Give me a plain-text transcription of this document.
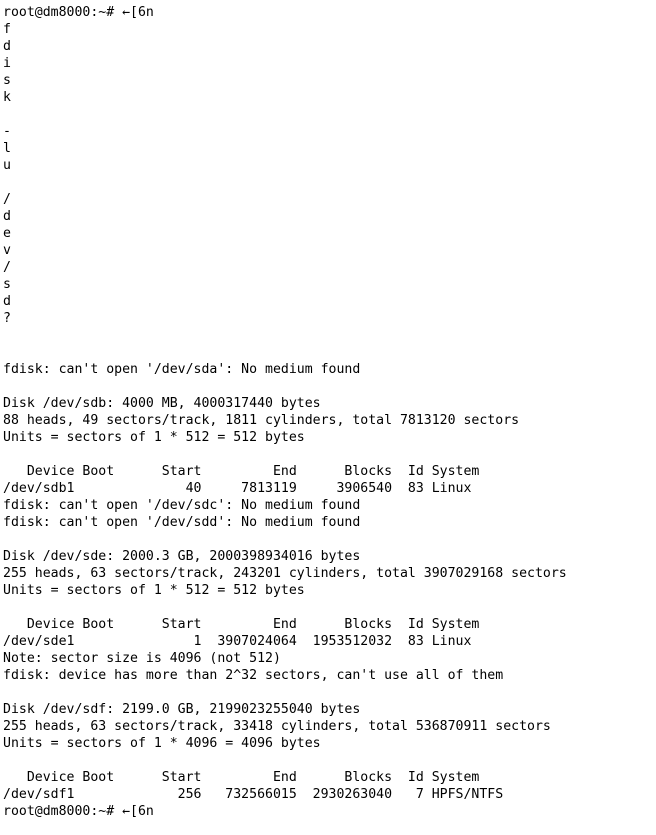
root@dm8000:~# ←[6n
f
d
i
s
k
-
l
u
/
d
e
v
/
s
d
?
fdisk: can't open '/dev/sda': No medium found
Disk /dev/sdb: 4000 MB, 4000317440 bytes
88 heads, 49 sectors/track, 1811 cylinders, total 7813120 sectors
Units = sectors of 1 * 512 = 512 bytes
Device Boot      Start         End      Blocks  Id System
/dev/sdb1              40     7813119     3906540  83 Linux
fdisk: can't open '/dev/sdc': No medium found
fdisk: can't open '/dev/sdd': No medium found
Disk /dev/sde: 2000.3 GB, 2000398934016 bytes
255 heads, 63 sectors/track, 243201 cylinders, total 3907029168 sectors
Units = sectors of 1 * 512 = 512 bytes
Device Boot      Start         End      Blocks  Id System
/dev/sde1               1  3907024064  1953512032  83 Linux
Note: sector size is 4096 (not 512)
fdisk: device has more than 2^32 sectors, can't use all of them
Disk /dev/sdf: 2199.0 GB, 2199023255040 bytes
255 heads, 63 sectors/track, 33418 cylinders, total 536870911 sectors
Units = sectors of 1 * 4096 = 4096 bytes
Device Boot      Start         End      Blocks  Id System
/dev/sdf1             256   732566015  2930263040   7 HPFS/NTFS
root@dm8000:~# ←[6n
